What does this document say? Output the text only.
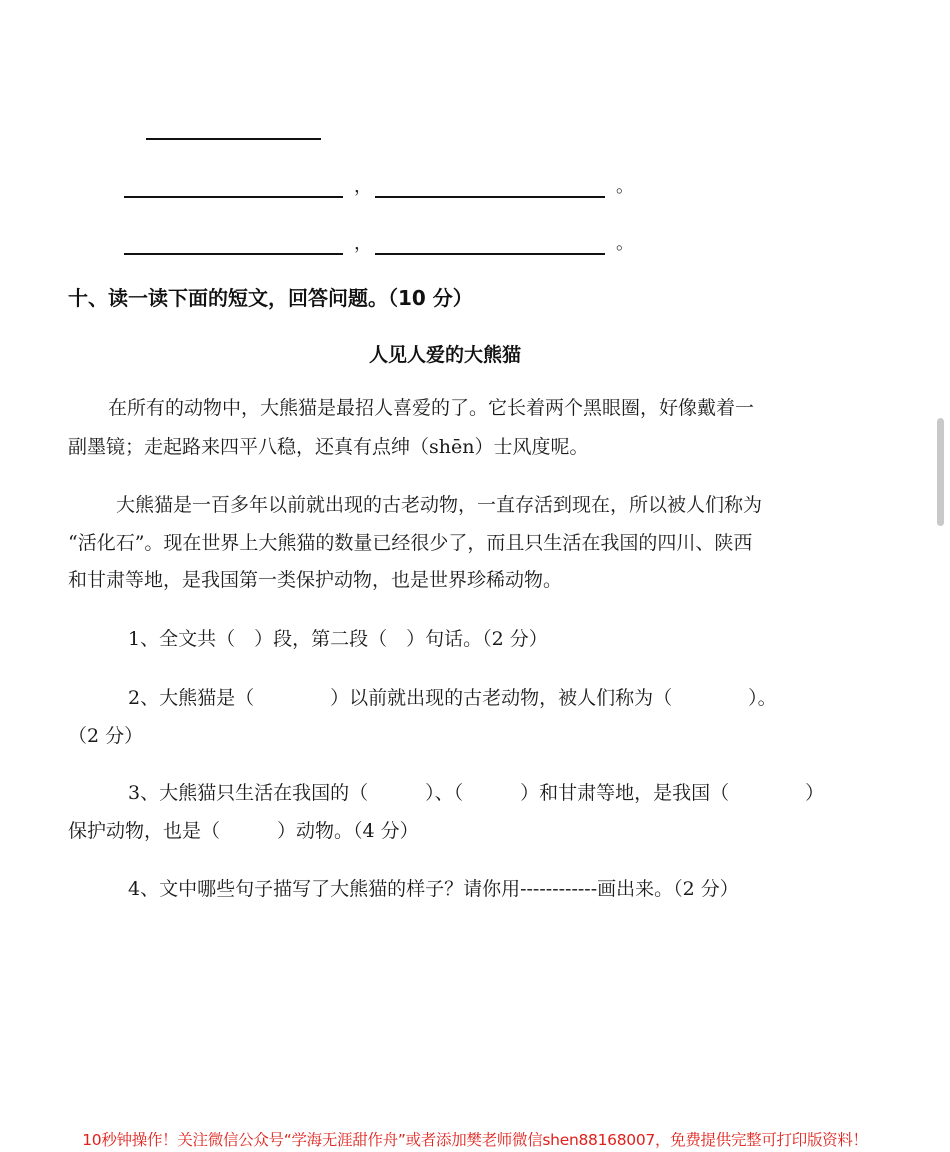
，	。
，	。
十、读一读下面的短文，回答问题。（10 分）
人见人爱的大熊猫
在所有的动物中，大熊猫是最招人喜爱的了。它长着两个黑眼圈，好像戴着一
副墨镜；走起路来四平八稳，还真有点绅（shēn）士风度呢。
大熊猫是一百多年以前就出现的古老动物，一直存活到现在，所以被人们称为
“活化石”。现在世界上大熊猫的数量已经很少了，而且只生活在我国的四川、陕西
和甘肃等地，是我国第一类保护动物，也是世界珍稀动物。
1、全文共（　）段，第二段（　）句话。（2 分）
2、大熊猫是（　　　　）以前就出现的古老动物，被人们称为（　　　　）。
（2 分）
3、大熊猫只生活在我国的（　　　）、（　　　）和甘肃等地，是我国（　　　　）
保护动物，也是（　　　）动物。（4 分）
4、文中哪些句子描写了大熊猫的样子？请你用------------画出来。（2 分）
10秒钟操作！关注微信公众号“学海无涯甜作舟”或者添加樊老师微信shen88168007，免费提供完整可打印版资料！
